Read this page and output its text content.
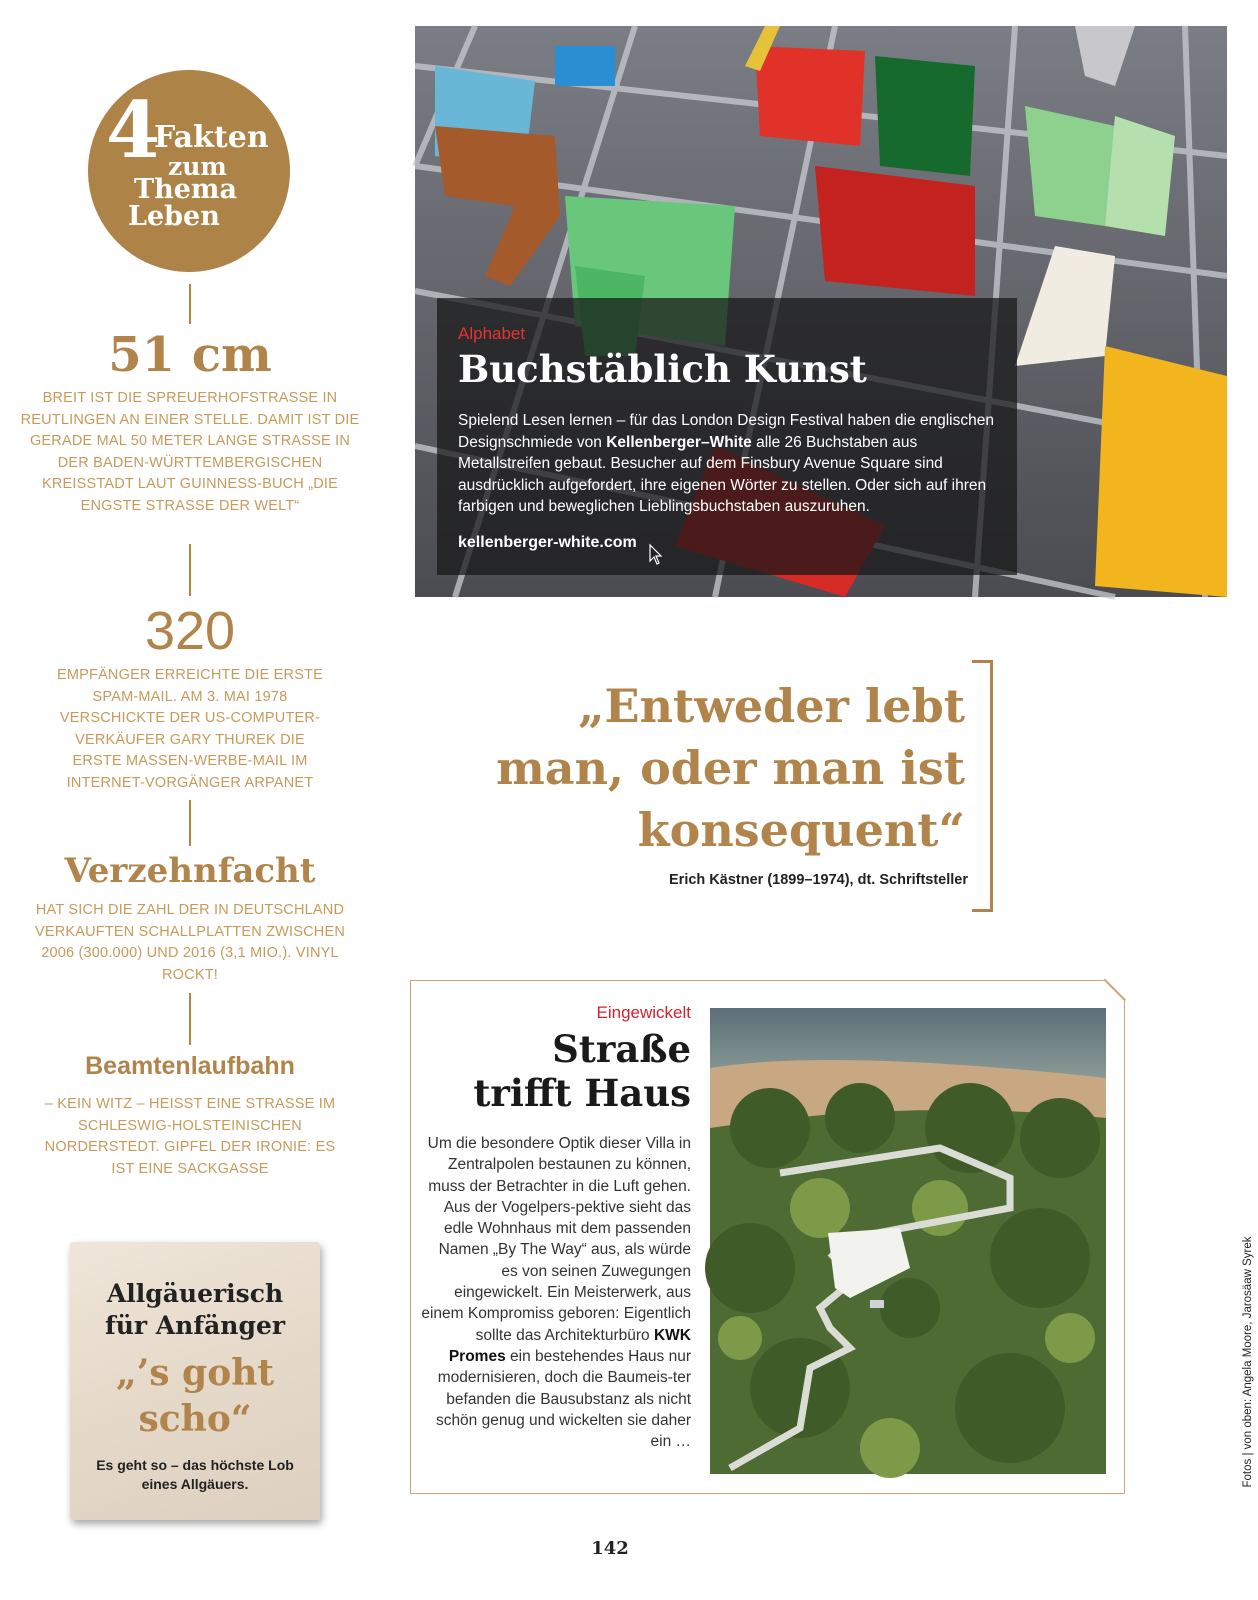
4
Fakten
zum
Thema
Leben
51 cm
BREIT IST DIE SPREUERHOFSTRASSE IN REUTLINGEN AN EINER STELLE. DAMIT IST DIE GERADE MAL 50 METER LANGE STRASSE IN DER BADEN-WÜRTTEMBERGISCHEN KREISSTADT LAUT GUINNESS-BUCH „DIE ENGSTE STRASSE DER WELT“
320
EMPFÄNGER ERREICHTE DIE ERSTE SPAM-MAIL. AM 3. MAI 1978 VERSCHICKTE DER US-COMPUTER-VERKÄUFER GARY THUREK DIE ERSTE MASSEN-WERBE-MAIL IM INTERNET-VORGÄNGER ARPANET
Verzehnfacht
HAT SICH DIE ZAHL DER IN DEUTSCHLAND VERKAUFTEN SCHALLPLATTEN ZWISCHEN 2006 (300.000) UND 2016 (3,1 MIO.). VINYL ROCKT!
Beamtenlaufbahn
– KEIN WITZ – HEISST EINE STRASSE IM SCHLESWIG-HOLSTEINISCHEN NORDERSTEDT. GIPFEL DER IRONIE: ES IST EINE SACKGASSE
Allgäuerisch
für Anfänger
„’s goht
scho“
Es geht so – das höchste Lob
eines Allgäuers.
Alphabet
Buchstäblich Kunst
Spielend Lesen lernen – für das London Design Festival haben die englischen Designschmiede von Kellenberger–White alle 26 Buchstaben aus Metallstreifen gebaut. Besucher auf dem Finsbury Avenue Square sind ausdrücklich aufgefordert, ihre eigenen Wörter zu stellen. Oder sich auf ihren farbigen und beweglichen Lieblingsbuchstaben auszuruhen.
kellenberger-white.com
„Entweder lebt
man, oder man ist
konsequent“
Erich Kästner (1899–1974), dt. Schriftsteller
Eingewickelt
Straße
trifft Haus
Um die besondere Optik dieser Villa in Zentralpolen bestaunen zu können, muss der Betrachter in die Luft gehen. Aus der Vogelpers-pektive sieht das edle Wohnhaus mit dem passenden Namen „By The Way“ aus, als würde es von seinen Zuwegungen eingewickelt. Ein Meisterwerk, aus einem Kompromiss geboren: Eigentlich sollte das Architekturbüro KWK Promes ein bestehendes Haus nur modernisieren, doch die Baumeis-ter befanden die Bausubstanz als nicht schön genug und wickelten sie daher ein …	Fotos | von oben: Angela Moore, Jarosäaw Syrek
142
